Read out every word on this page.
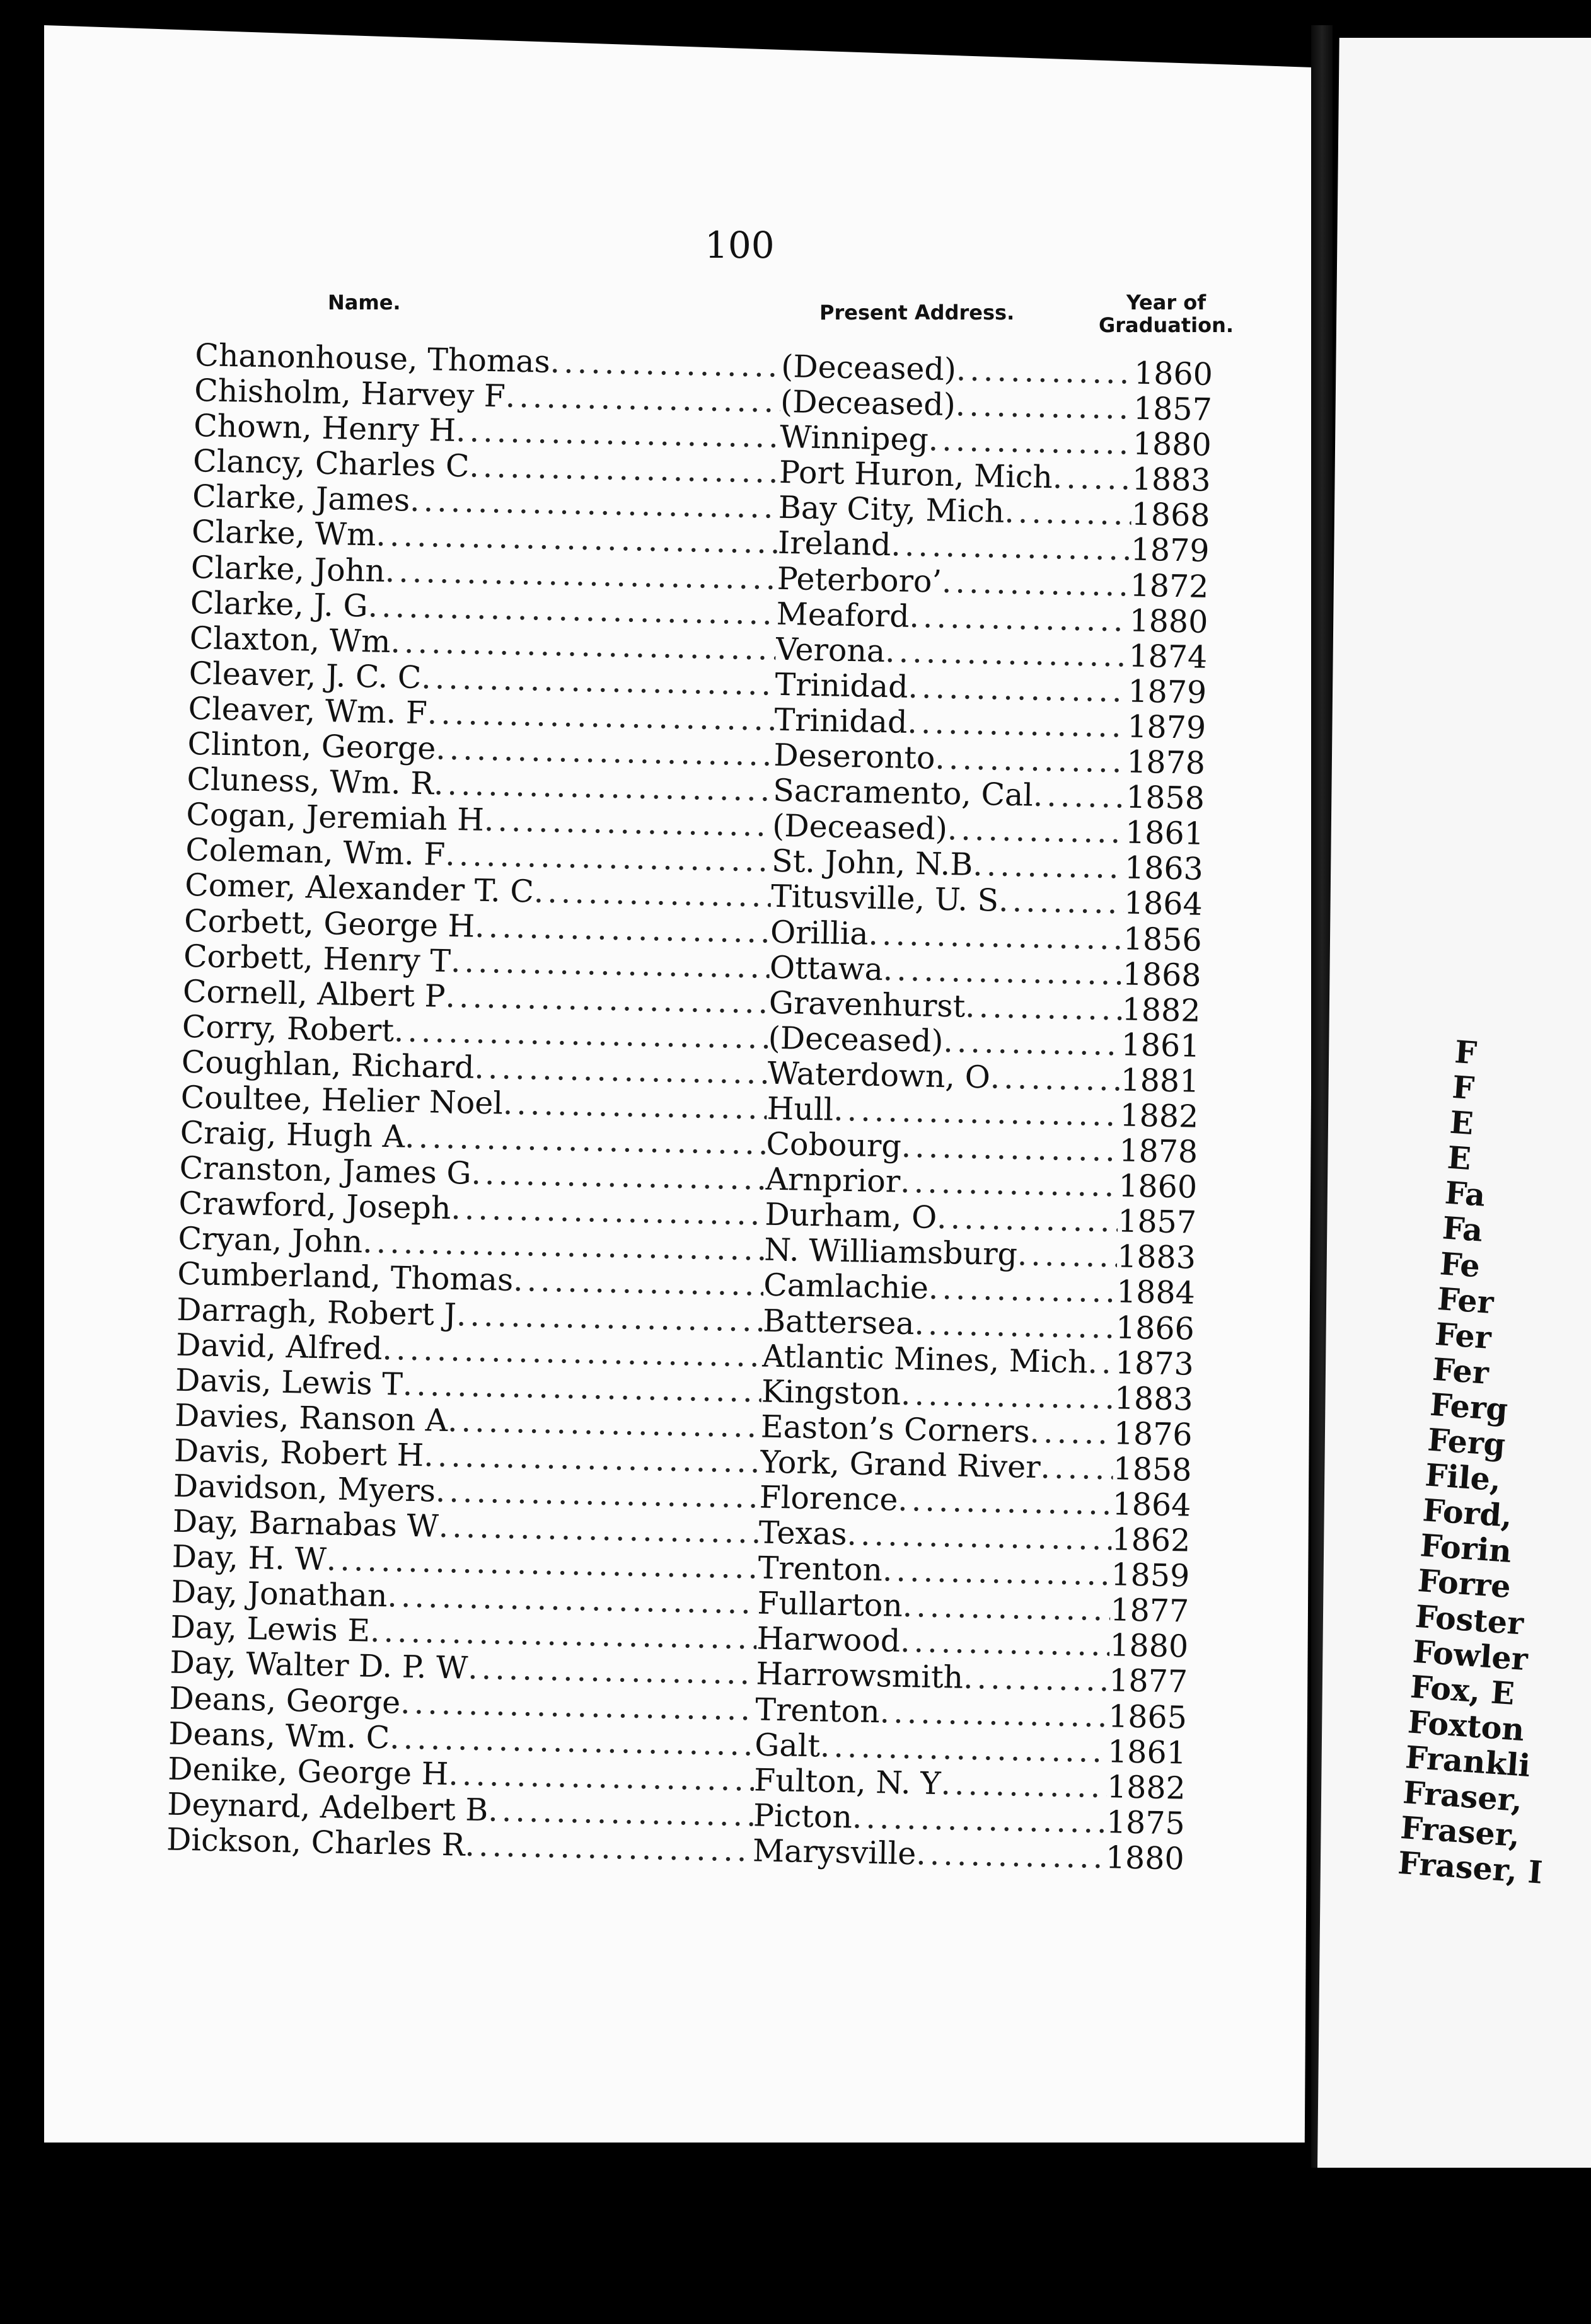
100
Name.	Present Address.	Year of
Graduation.
Chanonhouse, Thomas .....	(Deceased) .....	1860
Chisholm, Harvey F .....	(Deceased) .....	1857
Chown, Henry H .....	Winnipeg .....	1880
Clancy, Charles C .....	Port Huron, Mich .....	1883
Clarke, James .....	Bay City, Mich .....	1868
Clarke, Wm .....	Ireland .....	1879
Clarke, John .....	Peterboro’ .....	1872
Clarke, J. G .....	Meaford .....	1880
Claxton, Wm .....	Verona .....	1874
Cleaver, J. C. C .....	Trinidad .....	1879
Cleaver, Wm. F .....	Trinidad .....	1879
Clinton, George .....	Deseronto .....	1878
Cluness, Wm. R .....	Sacramento, Cal .....	1858
Cogan, Jeremiah H .....	(Deceased) .....	1861
Coleman, Wm. F .....	St. John, N.B .....	1863
Comer, Alexander T. C .....	Titusville, U. S .....	1864
Corbett, George H .....	Orillia .....	1856
Corbett, Henry T .....	Ottawa .....	1868
Cornell, Albert P .....	Gravenhurst .....	1882
Corry, Robert .....	(Deceased) .....	1861
Coughlan, Richard .....	Waterdown, O .....	1881
Coultee, Helier Noel .....	Hull .....	1882
Craig, Hugh A .....	Cobourg .....	1878
Cranston, James G .....	Arnprior .....	1860
Crawford, Joseph .....	Durham, O .....	1857
Cryan, John .....	N. Williamsburg .....	1883
Cumberland, Thomas .....	Camlachie .....	1884
Darragh, Robert J .....	Battersea .....	1866
David, Alfred .....	Atlantic Mines, Mich ..... 1873
Davis, Lewis T .....	Kingston .....	1883
Davies, Ranson A .....	Easton’s Corners .....	1876
Davis, Robert H .....	York, Grand River ..... 1858
Davidson, Myers .....	Florence .....	1864
Day, Barnabas W .....	Texas .....	1862
Day, H. W .....	Trenton .....	1859
Day, Jonathan .....	Fullarton .....	1877
Day, Lewis E .....	Harwood .....	1880
Day, Walter D. P. W .....	Harrowsmith .....	1877
Deans, George .....	Trenton .....	1865
Deans, Wm. C .....	Galt .....	1861
Denike, George H .....	Fulton, N. Y .....	1882
Deynard, Adelbert B .....	Picton .....	1875
Dickson, Charles R .....	Marysville .....	1880
F
F
E
E
Fa
Fa
Fe
Fer
Fer
Fer
Ferg
Ferg
File,
Ford,
Forin
Forre
Foster
Fowler
Fox, E
Foxton
Frankli
Fraser,
Fraser,
Fraser, I
